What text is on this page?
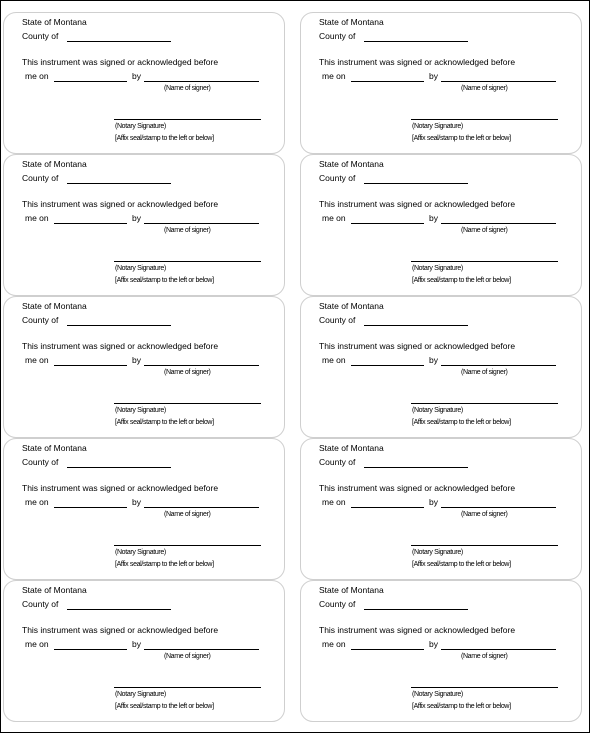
State of Montana
County of
This instrument was signed or acknowledged before
me on	by
(Name of signer)
(Notary Signature)
[Affix seal/stamp to the left or below]
State of Montana
County of
This instrument was signed or acknowledged before
me on	by
(Name of signer)
(Notary Signature)
[Affix seal/stamp to the left or below]
State of Montana
County of
This instrument was signed or acknowledged before
me on	by
(Name of signer)
(Notary Signature)
[Affix seal/stamp to the left or below]
State of Montana
County of
This instrument was signed or acknowledged before
me on	by
(Name of signer)
(Notary Signature)
[Affix seal/stamp to the left or below]
State of Montana
County of
This instrument was signed or acknowledged before
me on	by
(Name of signer)
(Notary Signature)
[Affix seal/stamp to the left or below]
State of Montana
County of
This instrument was signed or acknowledged before
me on	by
(Name of signer)
(Notary Signature)
[Affix seal/stamp to the left or below]
State of Montana
County of
This instrument was signed or acknowledged before
me on	by
(Name of signer)
(Notary Signature)
[Affix seal/stamp to the left or below]
State of Montana
County of
This instrument was signed or acknowledged before
me on	by
(Name of signer)
(Notary Signature)
[Affix seal/stamp to the left or below]
State of Montana
County of
This instrument was signed or acknowledged before
me on	by
(Name of signer)
(Notary Signature)
[Affix seal/stamp to the left or below]
State of Montana
County of
This instrument was signed or acknowledged before
me on	by
(Name of signer)
(Notary Signature)
[Affix seal/stamp to the left or below]
